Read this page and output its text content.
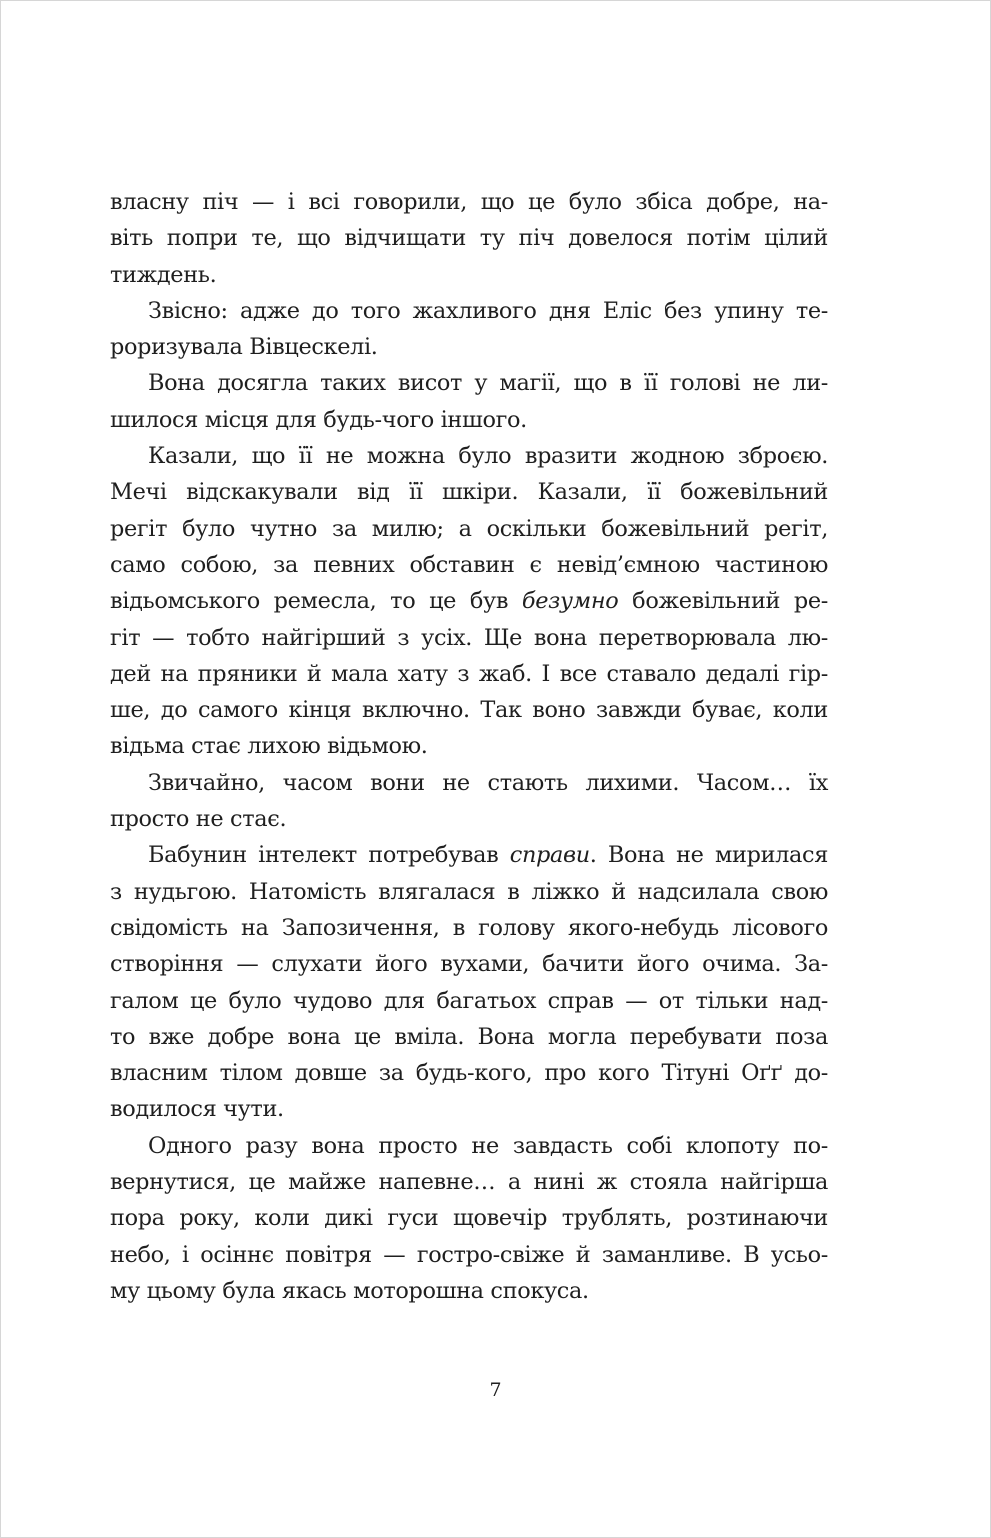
власну піч — і всі говорили, що це було збіса добре, на-
віть попри те, що відчищати ту піч довелося потім цілий
тиждень.
Звісно: адже до того жахливого дня Еліс без упину те-
роризувала Вівцескелі.
Вона досягла таких висот у магії, що в її голові не ли-
шилося місця для будь-чого іншого.
Казали, що її не можна було вразити жодною зброєю.
Мечі відскакували від її шкіри. Казали, її божевільний
регіт було чутно за милю; а оскільки божевільний регіт,
само собою, за певних обставин є невід’ємною частиною
відьомського ремесла, то це був безумно божевільний ре-
гіт — тобто найгірший з усіх. Ще вона перетворювала лю-
дей на пряники й мала хату з жаб. І все ставало дедалі гір-
ше, до самого кінця включно. Так воно завжди буває, коли
відьма стає лихою відьмою.
Звичайно, часом вони не стають лихими. Часом… їх
просто не стає.
Бабунин інтелект потребував справи. Вона не мирилася
з нудьгою. Натомість влягалася в ліжко й надсилала свою
свідомість на Запозичення, в голову якого-небудь лісового
створіння — слухати його вухами, бачити його очима. За-
галом це було чудово для багатьох справ — от тільки над-
то вже добре вона це вміла. Вона могла перебувати поза
власним тілом довше за будь-кого, про кого Тітуні Оґґ до-
водилося чути.
Одного разу вона просто не завдасть собі клопоту по-
вернутися, це майже напевне… а нині ж стояла найгірша
пора року, коли дикі гуси щовечір трублять, розтинаючи
небо, і осіннє повітря — гостро-свіже й заманливе. В усьо-
му цьому була якась моторошна спокуса.
7
